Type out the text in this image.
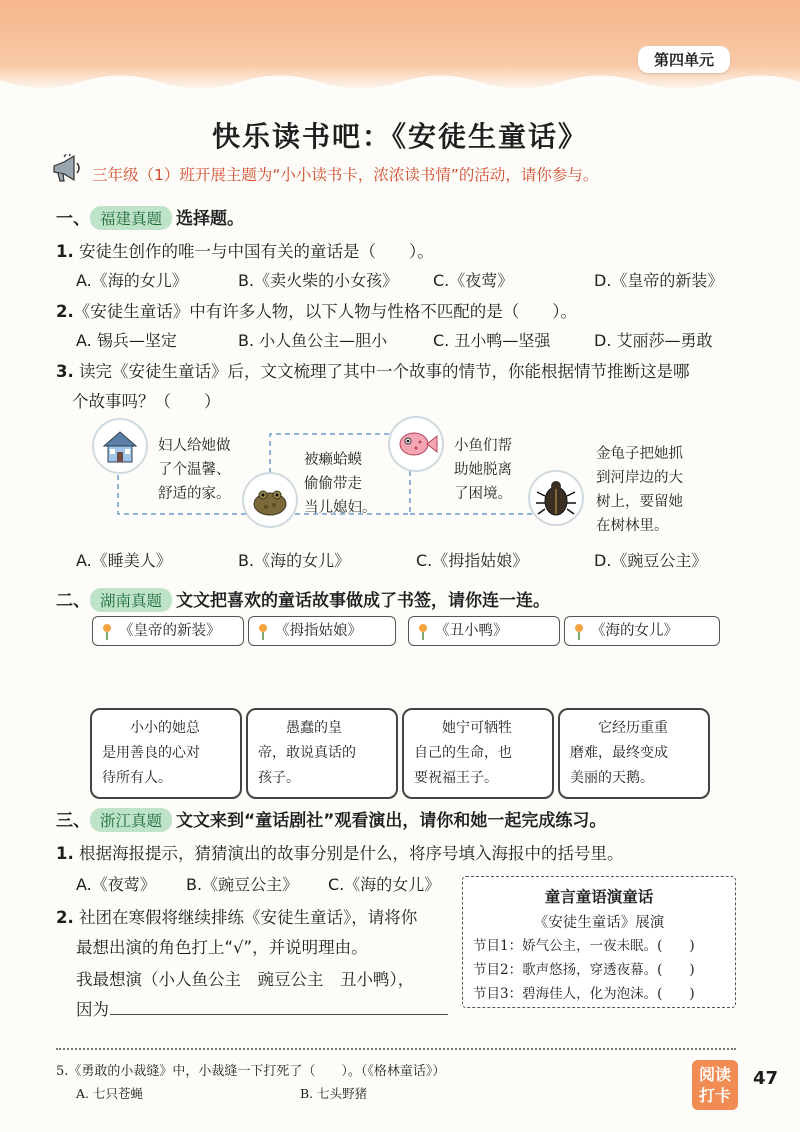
第四单元
快乐读书吧：《安徒生童话》
三年级（1）班开展主题为“小小读书卡，浓浓读书情”的活动，请你参与。
一、 福建真题 选择题。
1. 安徒生创作的唯一与中国有关的童话是（　　）。
A.《海的女儿》	B.《卖火柴的小女孩》 C.《夜莺》	D.《皇帝的新装》
2.《安徒生童话》中有许多人物，以下人物与性格不匹配的是（　　）。
A. 锡兵—坚定	B. 小人鱼公主—胆小	C. 丑小鸭—坚强	D. 艾丽莎—勇敢
3. 读完《安徒生童话》后，文文梳理了其中一个故事的情节，你能根据情节推断这是哪
个故事吗？（　　）
妇人给她做
了个温馨、
舒适的家。
被癞蛤蟆
偷偷带走
当儿媳妇。
小鱼们帮
助她脱离
了困境。
金龟子把她抓
到河岸边的大
树上，要留她
在树林里。
A.《睡美人》	B.《海的女儿》	C.《拇指姑娘》	D.《豌豆公主》
二、 湖南真题 文文把喜欢的童话故事做成了书签，请你连一连。
《皇帝的新装》	《拇指姑娘》	《丑小鸭》	《海的女儿》
小小的她总
是用善良的心对
待所有人。
愚蠢的皇
帝，敢说真话的
孩子。
她宁可牺牲
自己的生命，也
要祝福王子。
它经历重重
磨难，最终变成
美丽的天鹅。
三、 浙江真题 文文来到“童话剧社”观看演出，请你和她一起完成练习。
1. 根据海报提示，猜猜演出的故事分别是什么，将序号填入海报中的括号里。
A.《夜莺》 B.《豌豆公主》 C.《海的女儿》
2. 社团在寒假将继续排练《安徒生童话》，请将你
最想出演的角色打上“√”，并说明理由。
我最想演（小人鱼公主　豌豆公主　丑小鸭），
因为
童言童语演童话
《安徒生童话》展演
节目1：娇气公主，一夜未眠。(　　)
节目2：歌声悠扬，穿透夜幕。(　　)
节目3：碧海佳人，化为泡沫。(　　)
5.《勇敢的小裁缝》中，小裁缝一下打死了（　　）。（《格林童话》）
A. 七只苍蝇	B. 七头野猪
阅读
打卡
47
